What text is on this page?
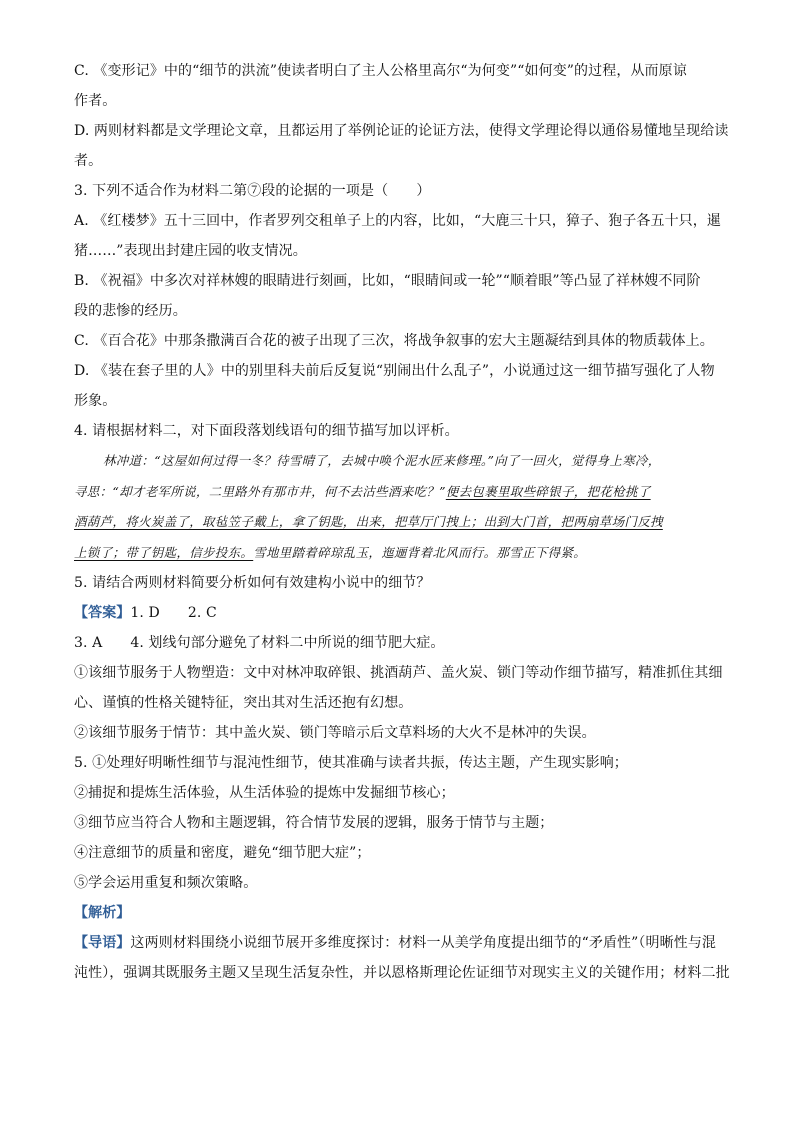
C. 《变形记》中的“细节的洪流”使读者明白了主人公格里高尔“为何变”“如何变”的过程，从而原谅

作者。

D. 两则材料都是文学理论文章，且都运用了举例论证的论证方法，使得文学理论得以通俗易懂地呈现给读

者。

3. 下列不适合作为材料二第⑦段的论据的一项是（　　）

A. 《红楼梦》五十三回中，作者罗列交租单子上的内容，比如，“大鹿三十只，獐子、狍子各五十只，暹

猪……”表现出封建庄园的收支情况。

B. 《祝福》中多次对祥林嫂的眼睛进行刻画，比如，“眼睛间或一轮”“顺着眼”等凸显了祥林嫂不同阶

段的悲惨的经历。

C. 《百合花》中那条撒满百合花的被子出现了三次，将战争叙事的宏大主题凝结到具体的物质载体上。

D. 《装在套子里的人》中的别里科夫前后反复说“别闹出什么乱子”，小说通过这一细节描写强化了人物

形象。

4. 请根据材料二，对下面段落划线语句的细节描写加以评析。

林冲道：“这屋如何过得一冬？待雪晴了，去城中唤个泥水匠来修理。”向了一回火，觉得身上寒冷，

寻思：“却才老军所说，二里路外有那市井，何不去沽些酒来吃？”便去包裹里取些碎银子，把花枪挑了

酒葫芦，将火炭盖了，取毡笠子戴上，拿了钥匙，出来，把草厅门拽上；出到大门首，把两扇草场门反拽

上锁了；带了钥匙，信步投东。雪地里踏着碎琼乱玉，迤逦背着北风而行。那雪正下得紧。

5. 请结合两则材料简要分析如何有效建构小说中的细节？

【答案】1. D 2. C

3. A 4. 划线句部分避免了材料二中所说的细节肥大症。

①该细节服务于人物塑造：文中对林冲取碎银、挑酒葫芦、盖火炭、锁门等动作细节描写，精准抓住其细

心、谨慎的性格关键特征，突出其对生活还抱有幻想。

②该细节服务于情节：其中盖火炭、锁门等暗示后文草料场的大火不是林冲的失误。

5. ①处理好明晰性细节与混沌性细节，使其准确与读者共振，传达主题，产生现实影响；

②捕捉和提炼生活体验，从生活体验的提炼中发掘细节核心；

③细节应当符合人物和主题逻辑，符合情节发展的逻辑，服务于情节与主题；

④注意细节的质量和密度，避免“细节肥大症”；

⑤学会运用重复和频次策略。

【解析】

【导语】这两则材料围绕小说细节展开多维度探讨：材料一从美学角度提出细节的“矛盾性”（明晰性与混

沌性），强调其既服务主题又呈现生活复杂性，并以恩格斯理论佐证细节对现实主义的关键作用；材料二批
